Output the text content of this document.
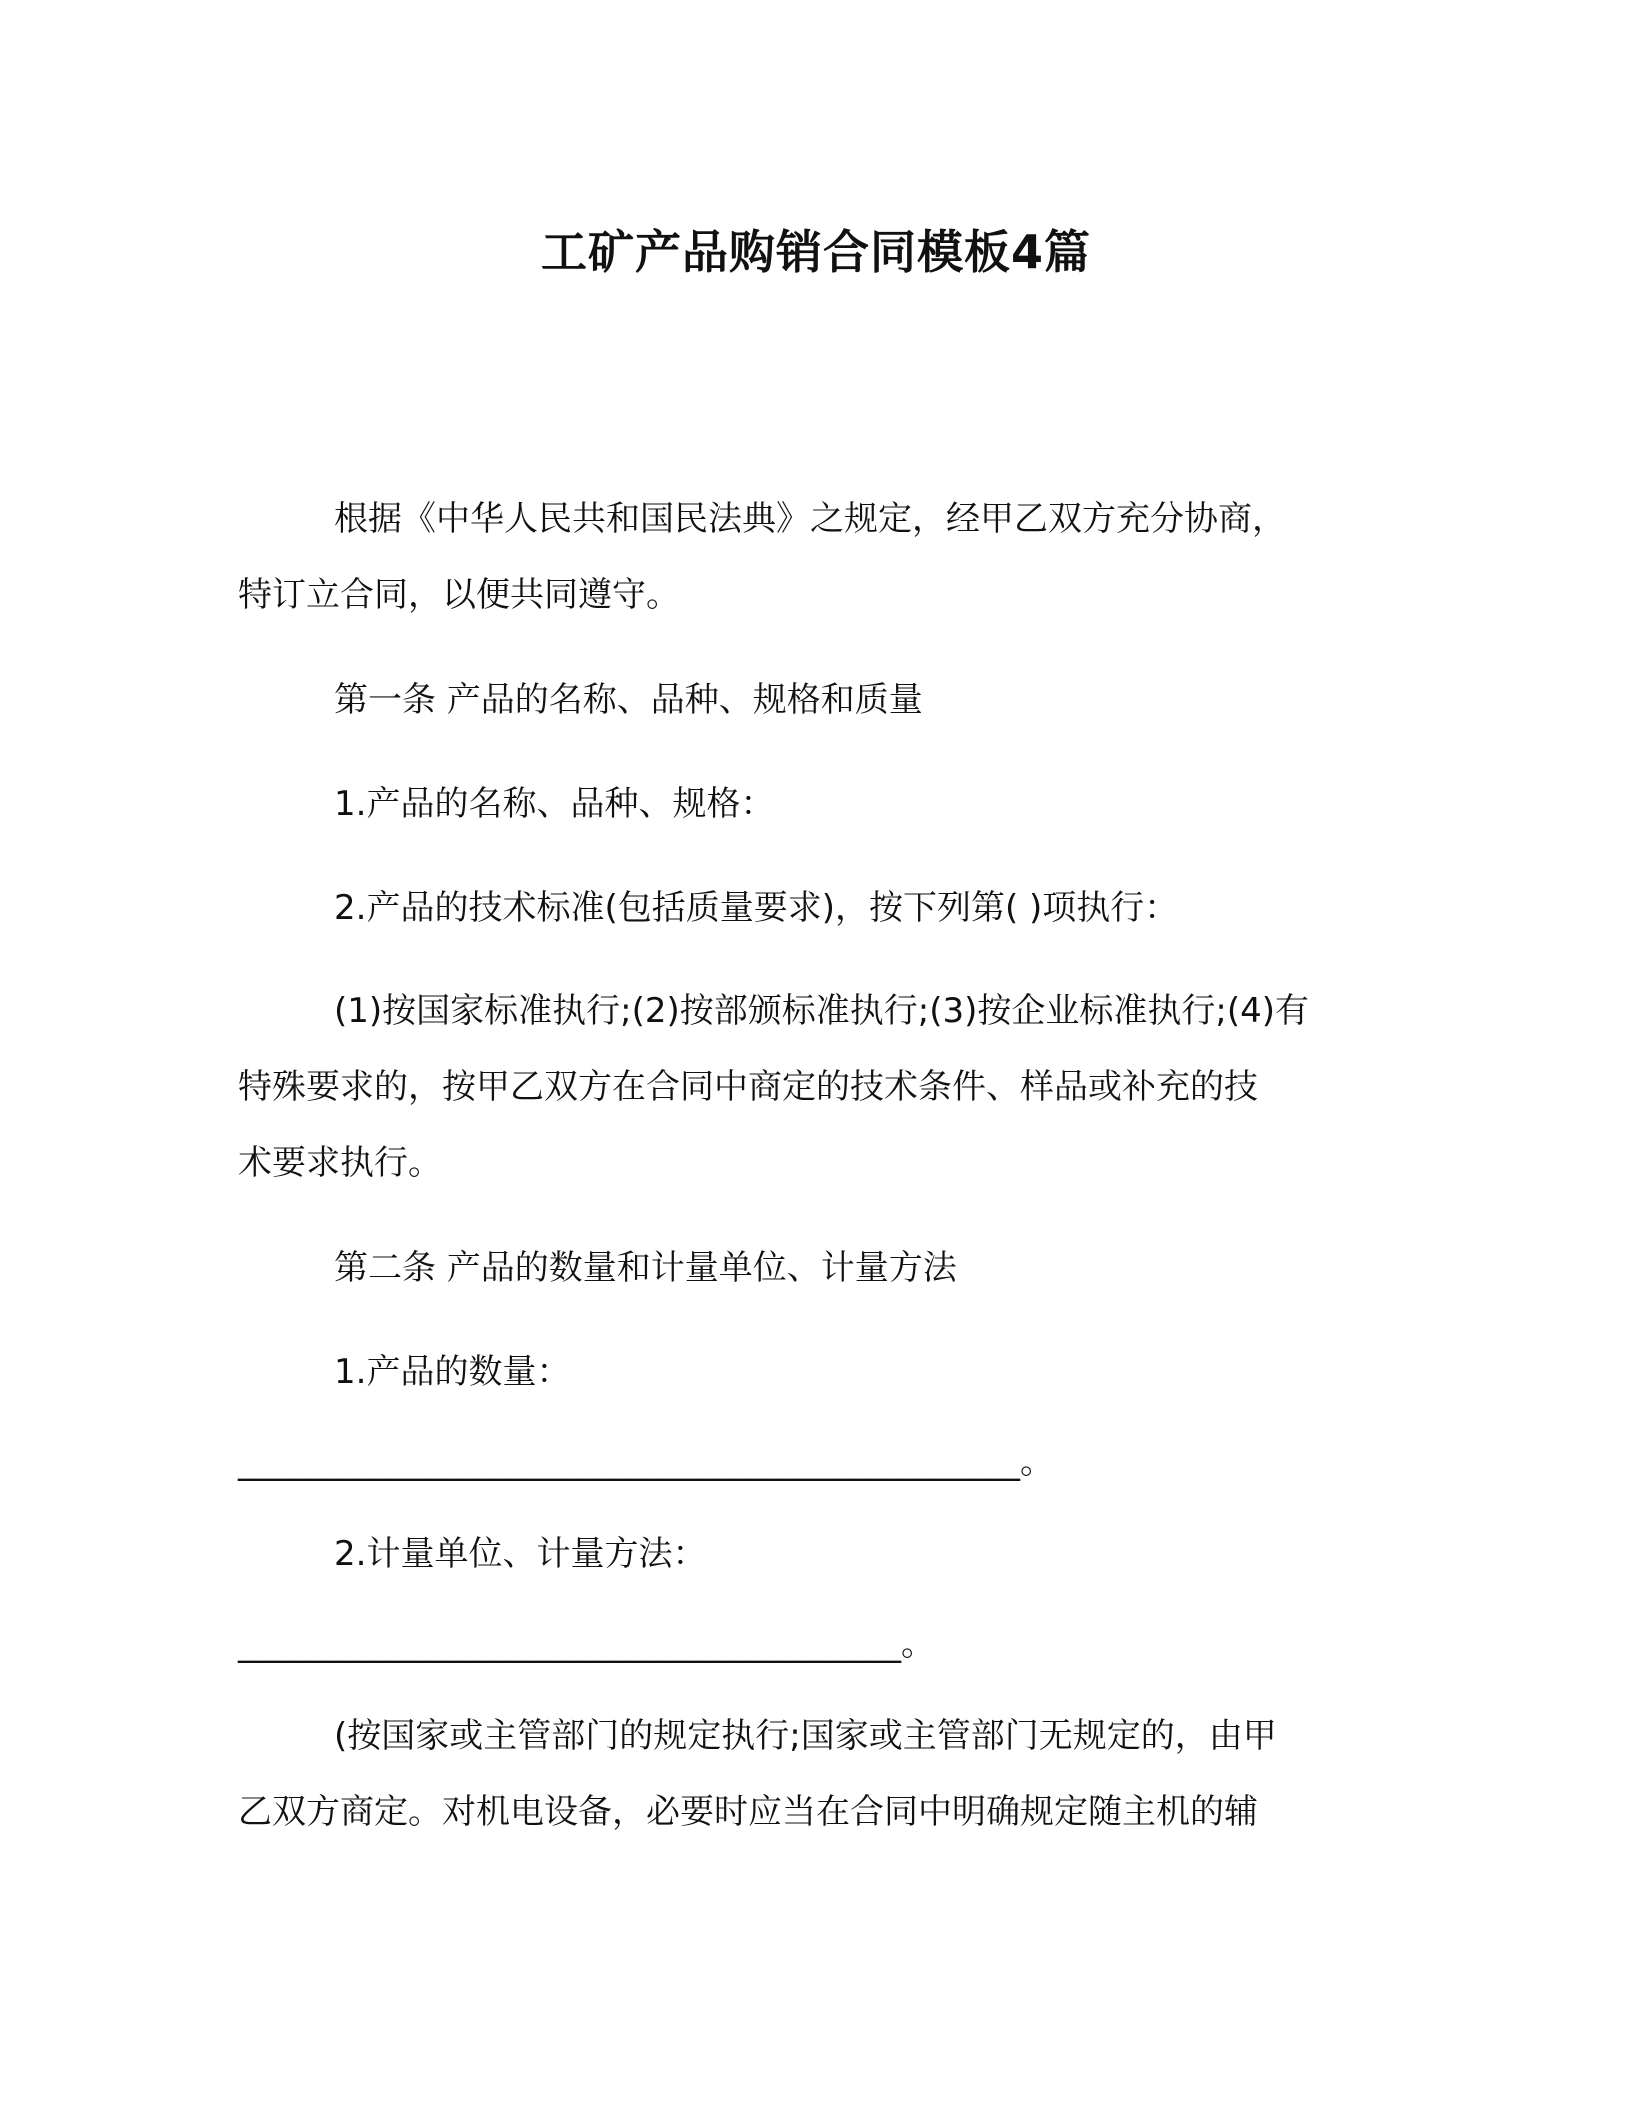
工矿产品购销合同模板4篇

根据《中华人民共和国民法典》之规定，经甲乙双方充分协商，

特订立合同，以便共同遵守。

第一条 产品的名称、品种、规格和质量

1.产品的名称、品种、规格：

2.产品的技术标准(包括质量要求)，按下列第( )项执行：

(1)按国家标准执行;(2)按部颁标准执行;(3)按企业标准执行;(4)有

特殊要求的，按甲乙双方在合同中商定的技术条件、样品或补充的技

术要求执行。

第二条 产品的数量和计量单位、计量方法

1.产品的数量：

______________________________________________。

2.计量单位、计量方法：

_______________________________________。

(按国家或主管部门的规定执行;国家或主管部门无规定的，由甲

乙双方商定。对机电设备，必要时应当在合同中明确规定随主机的辅
